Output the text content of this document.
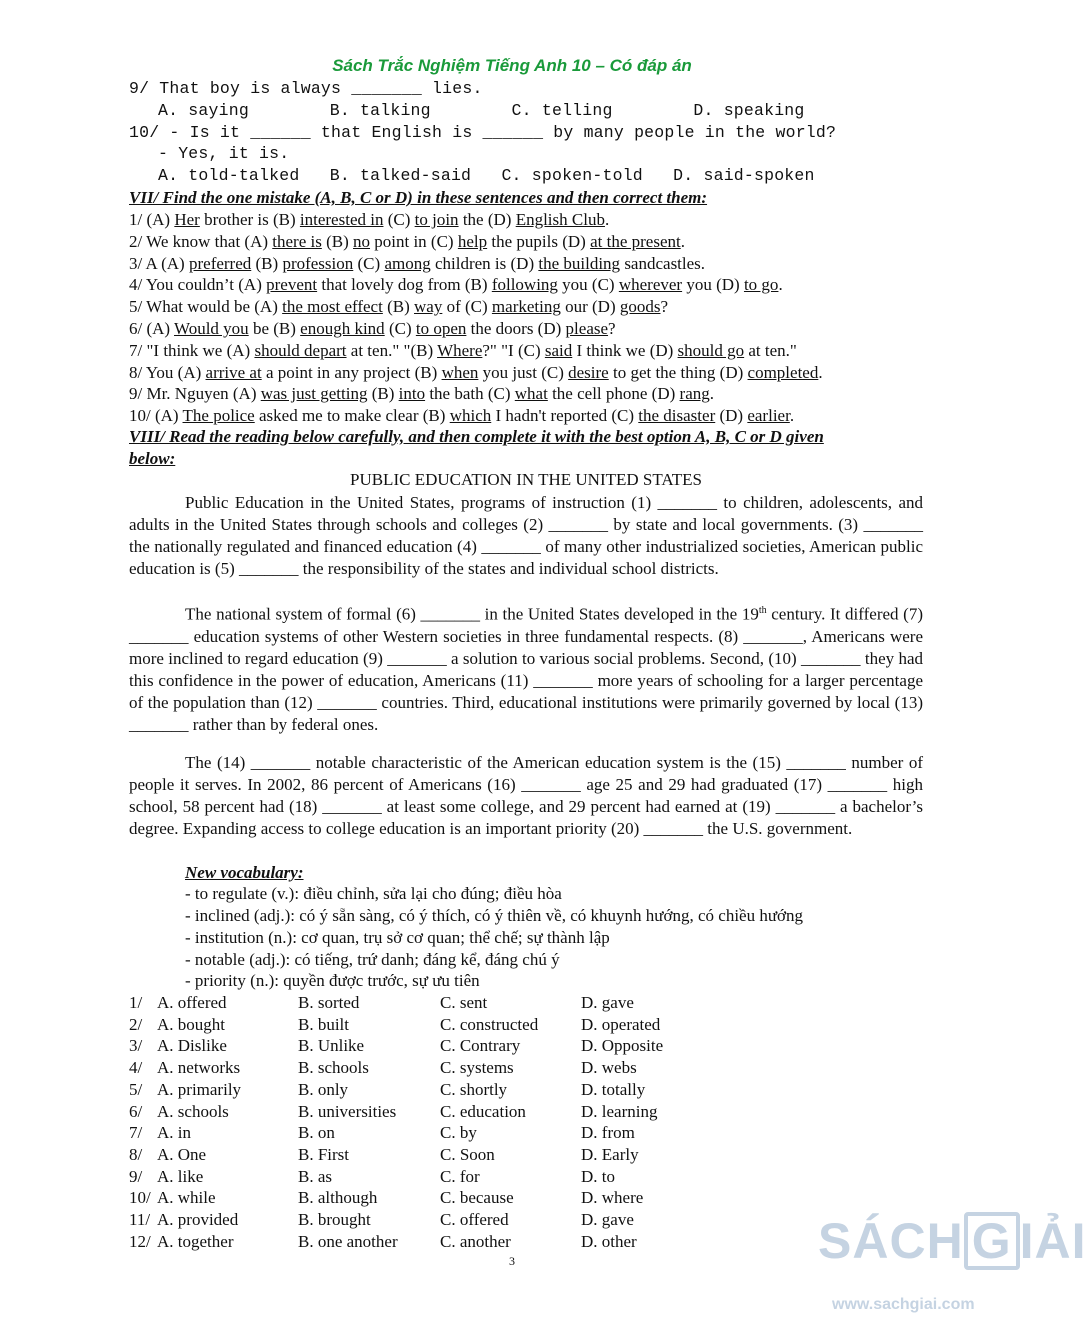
Sách Trắc Nghiệm Tiếng Anh 10 – Có đáp án
9/ That boy is always _______ lies.
A. saying        B. talking        C. telling        D. speaking
10/ - Is it ______ that English is ______ by many people in the world?
- Yes, it is.
A. told-talked   B. talked-said   C. spoken-told   D. said-spoken
VII/ Find the one mistake (A, B, C or D) in these sentences and then correct them:
1/ (A) Her brother is (B) interested in (C) to join the (D) English Club.
2/ We know that (A) there is (B) no point in (C) help the pupils (D) at the present.
3/ A (A) preferred (B) profession (C) among children is (D) the building sandcastles.
4/ You couldn’t (A) prevent that lovely dog from (B) following you (C) wherever you (D) to go.
5/ What would be (A) the most effect (B) way of (C) marketing our (D) goods?
6/ (A) Would you be (B) enough kind (C) to open the doors (D) please?
7/ "I think we (A) should depart at ten." "(B) Where?" "I (C) said I think we (D) should go at ten."
8/ You (A) arrive at a point in any project (B) when you just (C) desire to get the thing (D) completed.
9/ Mr. Nguyen (A) was just getting (B) into the bath (C) what the cell phone (D) rang.
10/ (A) The police asked me to make clear (B) which I hadn't reported (C) the disaster (D) earlier.
VIII/ Read the reading below carefully, and then complete it with the best option A, B, C or D given
below:
PUBLIC EDUCATION IN THE UNITED STATES
Public Education in the United States, programs of instruction (1) _______ to children, adolescents, and adults in the United States through schools and colleges (2) _______ by state and local governments. (3) _______ the nationally regulated and financed education (4) _______ of many other industrialized societies, American public education is (5) _______ the responsibility of the states and individual school districts.
The national system of formal (6) _______ in the United States developed in the 19th century. It differed (7) _______ education systems of other Western societies in three fundamental respects. (8) _______, Americans were more inclined to regard education (9) _______ a solution to various social problems. Second, (10) _______ they had this confidence in the power of education, Americans (11) _______ more years of schooling for a larger percentage of the population than (12) _______ countries. Third, educational institutions were primarily governed by local (13) _______ rather than by federal ones.
The (14) _______ notable characteristic of the American education system is the (15) _______ number of people it serves. In 2002, 86 percent of Americans (16) _______ age 25 and 29 had graduated (17) _______ high school, 58 percent had (18) _______ at least some college, and 29 percent had earned at (19) _______ a bachelor’s degree. Expanding access to college education is an important priority (20) _______ the U.S. government.
New vocabulary:
- to regulate (v.): điều chỉnh, sửa lại cho đúng; điều hòa
- inclined (adj.): có ý sẵn sàng, có ý thích, có ý thiên về, có khuynh hướng, có chiều hướng
- institution (n.): cơ quan, trụ sở cơ quan; thể chế; sự thành lập
- notable (adj.): có tiếng, trứ danh; đáng kể, đáng chú ý
- priority (n.): quyền được trước, sự ưu tiên
1/ A. offered	B. sorted	C. sent	D. gave
2/ A. bought	B. built	C. constructed	D. operated
3/ A. Dislike	B. Unlike	C. Contrary	D. Opposite
4/ A. networks	B. schools	C. systems	D. webs
5/ A. primarily	B. only	C. shortly	D. totally
6/ A. schools	B. universities	C. education	D. learning
7/ A. in	B. on	C. by	D. from
8/ A. One	B. First	C. Soon	D. Early
9/ A. like	B. as	C. for	D. to
10/ A. while	B. although	C. because	D. where
11/ A. provided	B. brought	C. offered	D. gave
12/ A. together	B. one another C. another	D. other
3	SÁCH G IẢI
www.sachgiai.com
